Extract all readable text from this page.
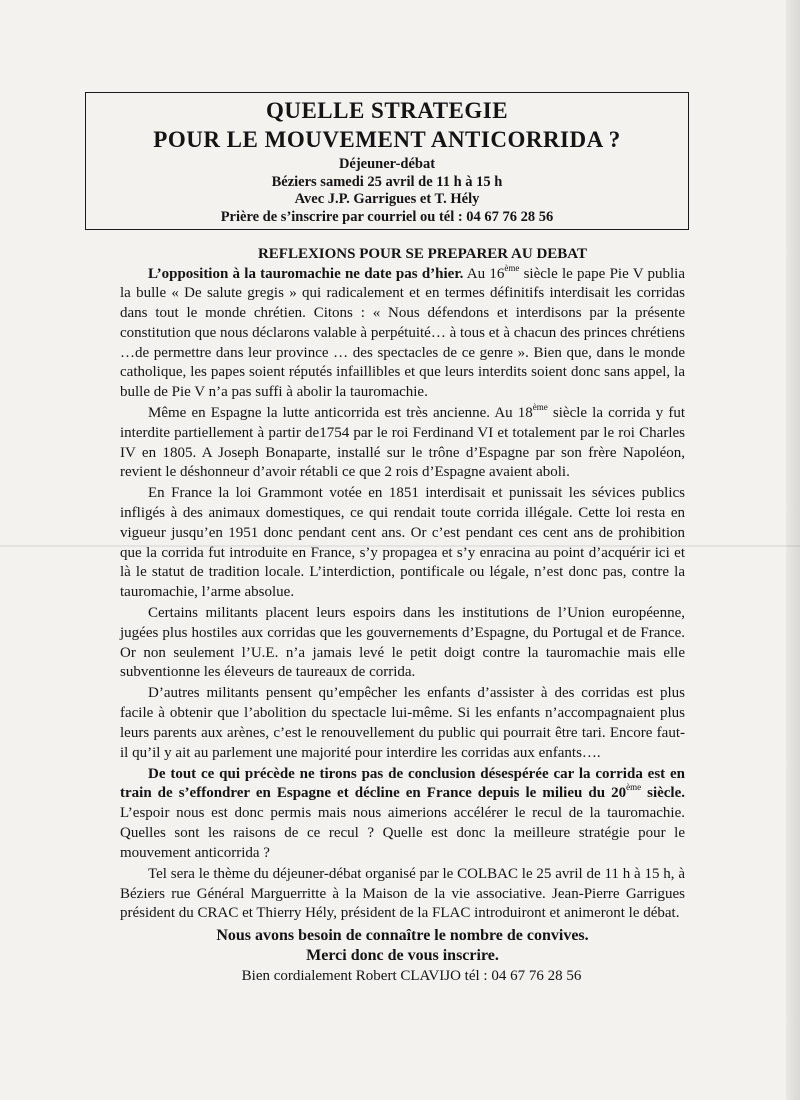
QUELLE STRATEGIE
POUR LE MOUVEMENT ANTICORRIDA ?
Déjeuner-débat
Béziers samedi 25 avril de 11 h à 15 h
Avec J.P. Garrigues et T. Hély
Prière de s’inscrire par courriel ou tél : 04 67 76 28 56
REFLEXIONS POUR SE PREPARER AU DEBAT

L’opposition à la tauromachie ne date pas d’hier. Au 16ème siècle le pape Pie V publia la bulle « De salute gregis » qui radicalement et en termes définitifs interdisait les corridas dans tout le monde chrétien. Citons : « Nous défendons et interdisons par la présente constitution que nous déclarons valable à perpétuité… à tous et à chacun des princes chrétiens …de permettre dans leur province … des spectacles de ce genre ». Bien que, dans le monde catholique, les papes soient réputés infaillibles et que leurs interdits soient donc sans appel, la bulle de Pie V n’a pas suffi à abolir la tauromachie.

Même en Espagne la lutte anticorrida est très ancienne. Au 18ème siècle la corrida y fut interdite partiellement à partir de1754 par le roi Ferdinand VI et totalement par le roi Charles IV en 1805. A Joseph Bonaparte, installé sur le trône d’Espagne par son frère Napoléon, revient le déshonneur d’avoir rétabli ce que 2 rois d’Espagne avaient aboli.

En France la loi Grammont votée en 1851 interdisait et punissait les sévices publics infligés à des animaux domestiques, ce qui rendait toute corrida illégale. Cette loi resta en vigueur jusqu’en 1951 donc pendant cent ans. Or c’est pendant ces cent ans de prohibition que la corrida fut introduite en France, s’y propagea et s’y enracina au point d’acquérir ici et là le statut de tradition locale. L’interdiction, pontificale ou légale, n’est donc pas, contre la tauromachie, l’arme absolue.

Certains militants placent leurs espoirs dans les institutions de l’Union européenne, jugées plus hostiles aux corridas que les gouvernements d’Espagne, du Portugal et de France. Or non seulement l’U.E. n’a jamais levé le petit doigt contre la tauromachie mais elle subventionne les éleveurs de taureaux de corrida.

D’autres militants pensent qu’empêcher les enfants d’assister à des corridas est plus facile à obtenir que l’abolition du spectacle lui-même. Si les enfants n’accompagnaient plus leurs parents aux arènes, c’est le renouvellement du public qui pourrait être tari. Encore faut-il qu’il y ait au parlement une majorité pour interdire les corridas aux enfants….

De tout ce qui précède ne tirons pas de conclusion désespérée car la corrida est en train de s’effondrer en Espagne et décline en France depuis le milieu du 20ème siècle. L’espoir nous est donc permis mais nous aimerions accélérer le recul de la tauromachie. Quelles sont les raisons de ce recul ? Quelle est donc la meilleure stratégie pour le mouvement anticorrida ?

Tel sera le thème du déjeuner-débat organisé par le COLBAC le 25 avril de 11 h à 15 h, à Béziers rue Général Marguerritte à la Maison de la vie associative. Jean-Pierre Garrigues président du CRAC et Thierry Hély, président de la FLAC introduiront et animeront le débat.

Nous avons besoin de connaître le nombre de convives.
Merci donc de vous inscrire.
Bien cordialement Robert CLAVIJO tél : 04 67 76 28 56
